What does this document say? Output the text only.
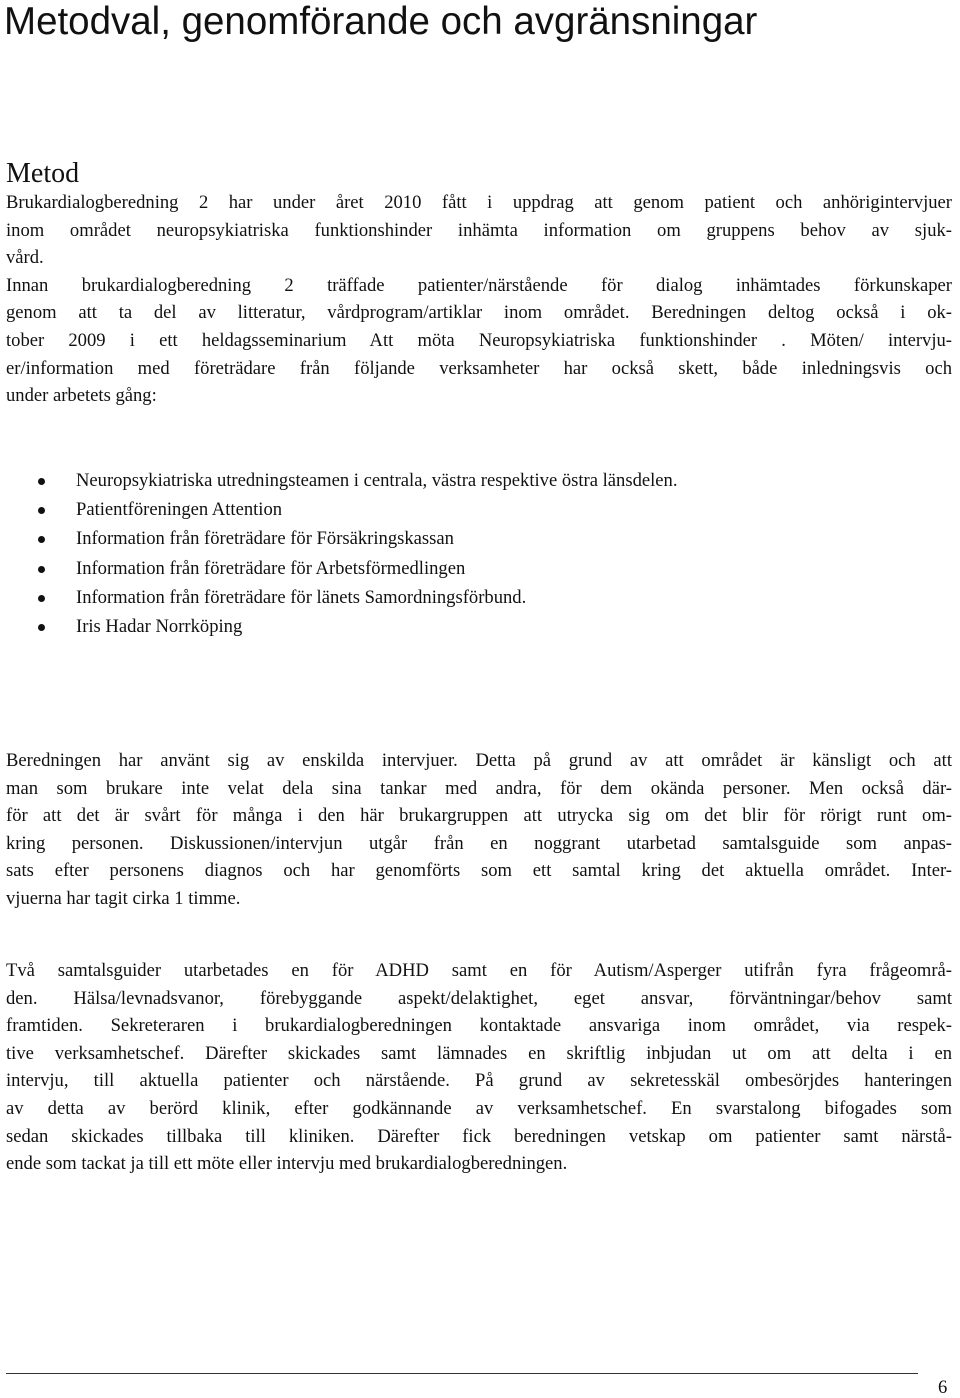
Metodval, genomförande och avgränsningar
Metod
Brukardialogberedning 2 har under året 2010 fått i uppdrag att genom patient och anhörigintervjuer
inom området neuropsykiatriska funktionshinder inhämta information om gruppens behov av sjuk-
vård.
Innan brukardialogberedning 2 träffade patienter/närstående för dialog inhämtades förkunskaper
genom att ta del av litteratur, vårdprogram/artiklar inom området. Beredningen deltog också i ok-
tober 2009 i ett heldagsseminarium Att möta Neuropsykiatriska funktionshinder . Möten/ intervju-
er/information med företrädare från följande verksamheter har också skett, både inledningsvis och
under arbetets gång:
Neuropsykiatriska utredningsteamen i centrala, västra respektive östra länsdelen.
Patientföreningen Attention
Information från företrädare för Försäkringskassan
Information från företrädare för Arbetsförmedlingen
Information från företrädare för länets Samordningsförbund.
Iris Hadar Norrköping
Beredningen har använt sig av enskilda intervjuer. Detta på grund av att området är känsligt och att
man som brukare inte velat dela sina tankar med andra, för dem okända personer. Men också där-
för att det är svårt för många i den här brukargruppen att utrycka sig om det blir för rörigt runt om-
kring personen. Diskussionen/intervjun utgår från en noggrant utarbetad samtalsguide som anpas-
sats efter personens diagnos och har genomförts som ett samtal kring det aktuella området. Inter-
vjuerna har tagit cirka 1 timme.
Två samtalsguider utarbetades en för ADHD samt en för Autism/Asperger utifrån fyra frågeområ-
den. Hälsa/levnadsvanor, förebyggande aspekt/delaktighet, eget ansvar, förväntningar/behov samt
framtiden. Sekreteraren i brukardialogberedningen kontaktade ansvariga inom området, via respek-
tive verksamhetschef. Därefter skickades samt lämnades en skriftlig inbjudan ut om att delta i en
intervju, till aktuella patienter och närstående. På grund av sekretesskäl ombesörjdes hanteringen
av detta av berörd klinik, efter godkännande av verksamhetschef. En svarstalong bifogades som
sedan skickades tillbaka till kliniken. Därefter fick beredningen vetskap om patienter samt närstå-
ende som tackat ja till ett möte eller intervju med brukardialogberedningen.
6
